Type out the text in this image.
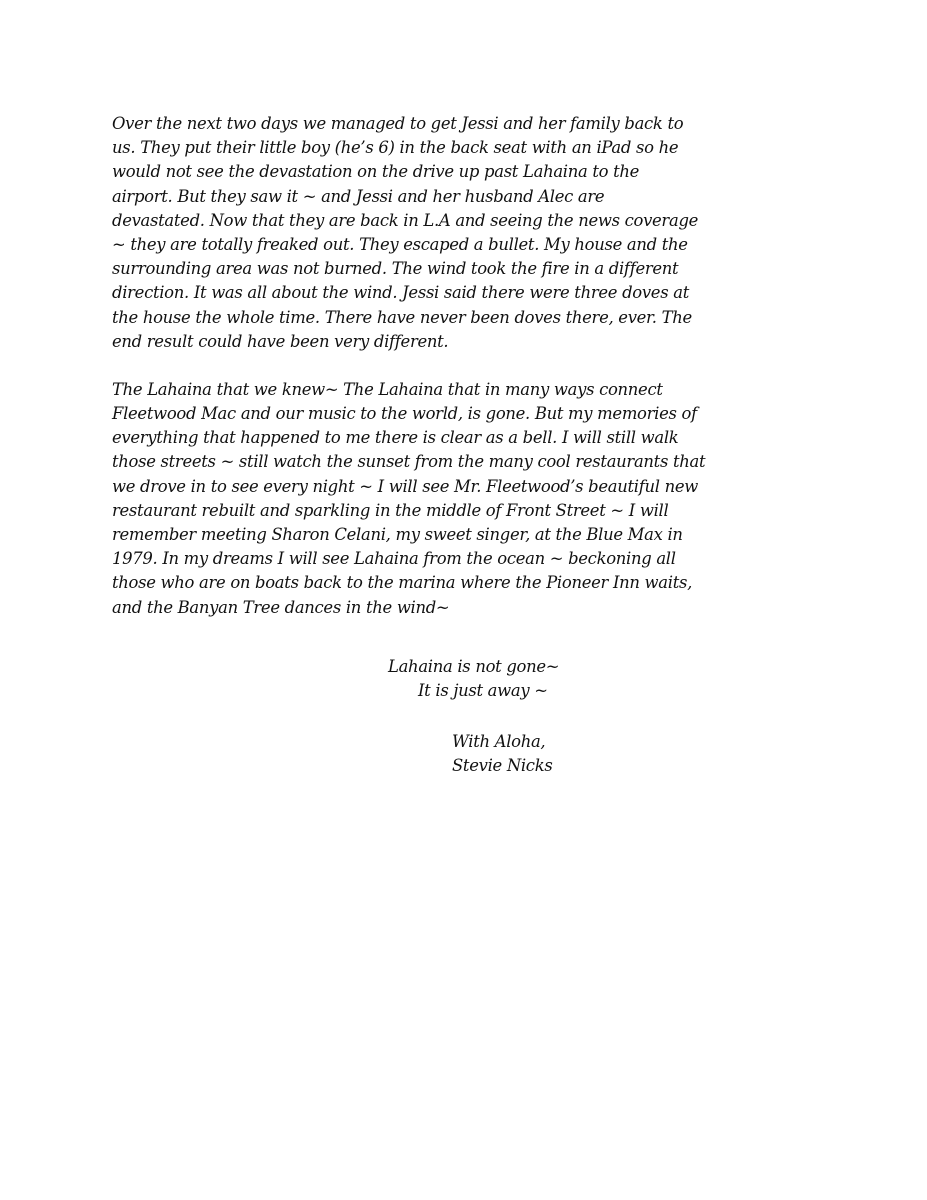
Over the next two days we managed to get Jessi and her family back to
us. They put their little boy (he’s 6) in the back seat with an iPad so he
would not see the devastation on the drive up past Lahaina to the
airport. But they saw it ~ and Jessi and her husband Alec are
devastated. Now that they are back in L.A and seeing the news coverage
~ they are totally freaked out. They escaped a bullet. My house and the
surrounding area was not burned. The wind took the fire in a different
direction. It was all about the wind. Jessi said there were three doves at
the house the whole time. There have never been doves there, ever. The
end result could have been very different.
The Lahaina that we knew~ The Lahaina that in many ways connect
Fleetwood Mac and our music to the world, is gone. But my memories of
everything that happened to me there is clear as a bell. I will still walk
those streets ~ still watch the sunset from the many cool restaurants that
we drove in to see every night ~ I will see Mr. Fleetwood’s beautiful new
restaurant rebuilt and sparkling in the middle of Front Street ~ I will
remember meeting Sharon Celani, my sweet singer, at the Blue Max in
1979. In my dreams I will see Lahaina from the ocean ~ beckoning all
those who are on boats back to the marina where the Pioneer Inn waits,
and the Banyan Tree dances in the wind~
Lahaina is not gone~
It is just away ~
With Aloha,
Stevie Nicks
